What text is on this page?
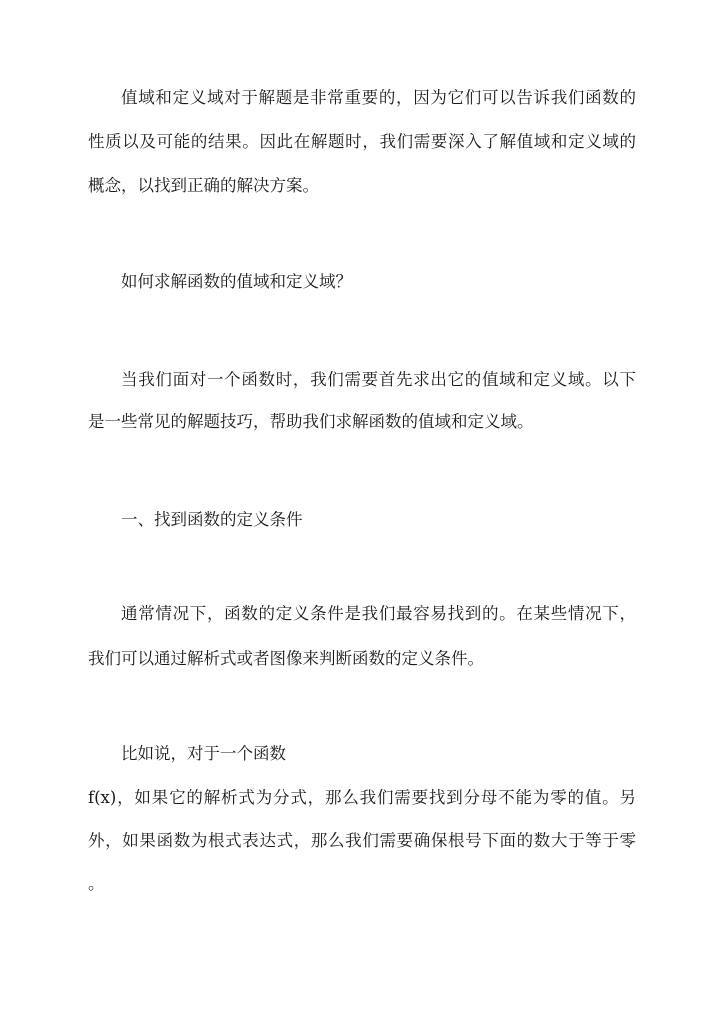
值域和定义域对于解题是非常重要的，因为它们可以告诉我们函数的
性质以及可能的结果。因此在解题时，我们需要深入了解值域和定义域的
概念，以找到正确的解决方案。
如何求解函数的值域和定义域？
当我们面对一个函数时，我们需要首先求出它的值域和定义域。以下
是一些常见的解题技巧，帮助我们求解函数的值域和定义域。
一、找到函数的定义条件
通常情况下，函数的定义条件是我们最容易找到的。在某些情况下，
我们可以通过解析式或者图像来判断函数的定义条件。
比如说，对于一个函数
f(x)，如果它的解析式为分式，那么我们需要找到分母不能为零的值。另
外，如果函数为根式表达式，那么我们需要确保根号下面的数大于等于零
。
